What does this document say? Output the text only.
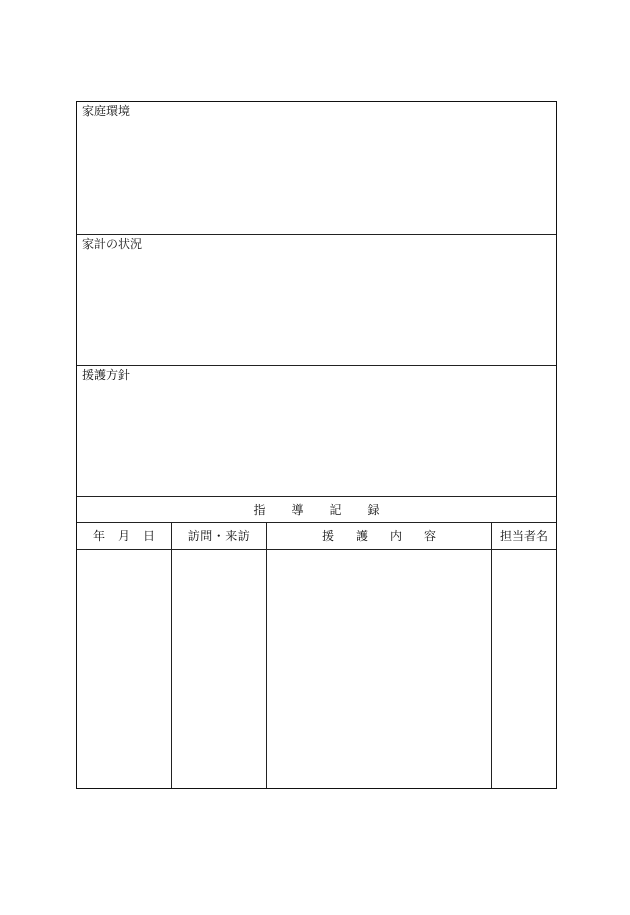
家庭環境
家計の状況
援護方針
指導記録
年月日	訪問・来訪	援護内容	担当者名
